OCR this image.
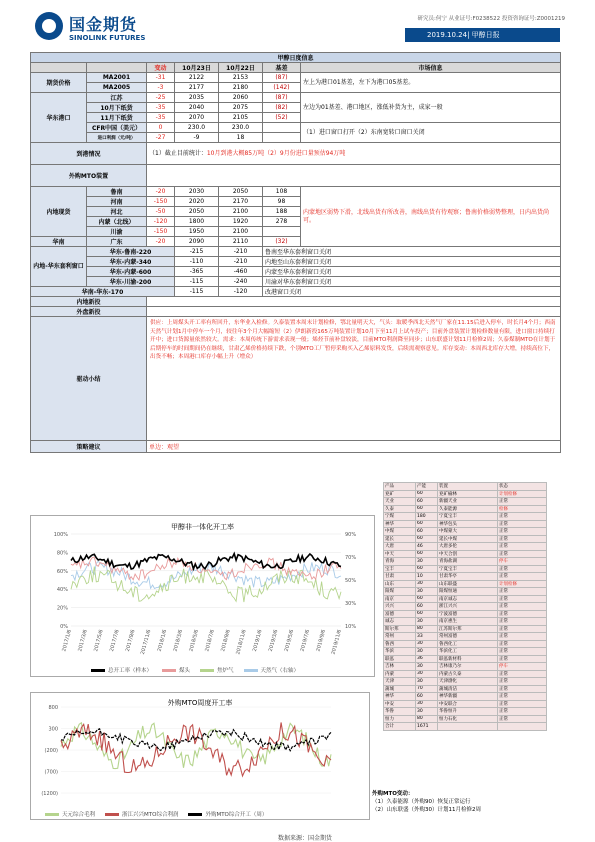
国金期货
SINOLINK FUTURES
研究员:何宁 从业证号:F0238522 投资咨询证号:Z0001219
2019.10.24| 甲醇日报
甲醇日度信息						
		变动	10月23日	10月22日	基差	市场信息
期货价格	MA2001	-31	2122	2153	(87)	左上为港口01基差，左下为港口05基差。
	MA2005	-3	2177	2180	(142)	
华东港口	江苏	-25	2035	2060	(87)	左边为01基差、港口地区，涨低补货为主，成家一般
	10月下纸货	-35	2040	2075	(82)	
	11月下纸货	-35	2070	2105	(52)	
	CFR中国（美元）	0	230.0	230.0		（1）进口窗口打开（2）东南宽转口窗口关闭
	进口利润（元/吨）	-27	-9	18		
到港情况		（1）截止目前统计：10月到港大概85万吨（2）9月份进口量预估94万吨				
外购MTO装置						
内地现货	鲁南	-20	2030	2050	108	内蒙地区弱势下滑，北线出货有所改善，南线出货有待观察；鲁南价格弱势整理，日内出货尚可。
	河南	-150	2020	2170	98	
	河北	-50	2050	2100	188	
	内蒙（北线）	-120	1800	1920	278	
	川渝	-150	1950	2100		
华南	广东	-20	2090	2110	(32)	
内地-华东套利窗口	华东-鲁南-220		-215	-210	鲁南至华东套利窗口关闭	
	华东-内蒙-340		-110	-210	内地至山东套利窗口关闭	
	华东-内蒙-600		-365	-460	内蒙至华东套利窗口关闭	
	华东-川渝-200		-115	-240	川渝对华东套利窗口关闭	
华南-华东-170			-115	-120	改港窗口关闭	
内地新投						
外盘新投						
驱动小结		供应：上周煤头开工率有所回升，东华业入检修。久泰装置本周末计划检修，鄂北量明天大，气头：取暖季西北天然气厂家在11.15后进入停车，时长月4个月；西南天然气计划1月中停车一个月，较往年3个月大幅缩短（2）伊朗新投165万吨装置计划10月下至11月上试车投产；目前外盘装置计划检修数量有限，进口窗口持续打开中；进口货源量依然较大。需求：本周传统下游需求表现一般；烯烃节前补盘较淡，目前MTO利润降至同步；山东联盛计划11月检修2周；久泰煤制MTO在计划于后期停车的时间期间仍在继续，甘肃乙烯价格持续下跌，个别MTO工厂暂停采购买入乙烯原料发货，后续需观察意见。库存变动：本周西北库存大增，持续高位下，出货不畅；本周港口库存小幅上升（增众）				
策略建议		单边：观望				
甲醇非一体化开工率
100%
80%
60%
40%
20%
0%
90%
70%
50%
30%
10%
2017/1/6 2017/3/6 2017/5/6 2017/7/6 2017/9/6 2017/11/6 2018/1/6 2018/3/6 2018/5/6 2018/7/6 2018/9/6 2018/11/6 2019/1/6 2019/3/6 2019/5/6 2019/7/6 2019/9/6 2019/11/6
总开工率（样本）	煤头	焦炉气	天然气（右轴）
外购MTO周度开工率
800
300
(200)
(700)
(1200)
天元综合毛利	浙江兴兴MTO综合利润	外购MTO综合开工（周）
产品	产能	装置	状态
兖矿	60	兖矿榆林	计划检修
天业	60	新疆天业	正常
久泰	60	久泰能源	检修
宁煤	180	宁夏宝丰	正常
神华	60	神华包头	正常
中煤	60	中煤蒙大	正常
延长	60	延长中煤	正常
大唐	46	大唐多伦	正常
中天	60	中天合创	正常
青海	30	青海盐湖	停车
宝丰	60	宁夏宝丰	正常
甘肃	10	甘肃华亭	正常
山东	30	山东联盛	计划检修
阳煤	30	阳煤恒通	正常
南京	60	南京诚志	正常
兴兴	60	浙江兴兴	正常
富德	60	宁波富德	正常
诚志	30	南京惠生	正常
斯尔邦	80	江苏斯尔邦	正常
常州	33	常州富德	正常
鲁西	30	鲁西化工	正常
华滨	30	华滨化工	正常
联泓	36	联泓新材料	正常
吉林	30	吉林康乃尔	停车
内蒙	30	内蒙古久泰	正常
天津	30	天津渤化	正常
蒲城	70	蒲城清洁	正常
神华	60	神华新疆	正常
中安	30	中安联合	正常
华鲁	30	华鲁恒升	正常
恒力	80	恒力石化	正常
合计	1671		
外购MTO变动：
（1）久泰能源（外购90）恢复正常运行
（2）山东联盛（外购30）计划11月检修2周
数据来源：国金期货
